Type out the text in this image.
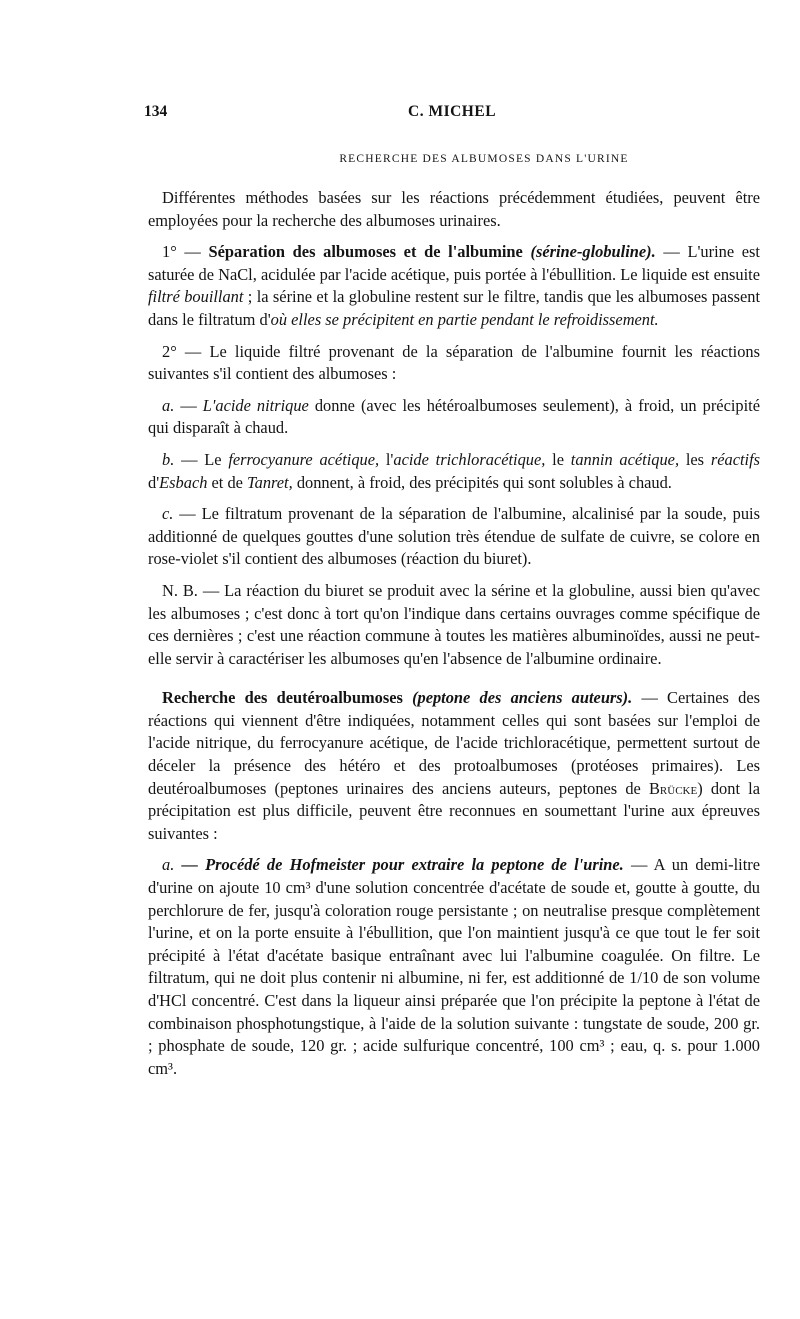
134	C. MICHEL
RECHERCHE DES ALBUMOSES DANS L'URINE

Différentes méthodes basées sur les réactions précédemment étudiées, peuvent être employées pour la recherche des albumoses urinaires.

1° — Séparation des albumoses et de l'albumine (sérine-globuline). — L'urine est saturée de NaCl, acidulée par l'acide acétique, puis portée à l'ébullition. Le liquide est ensuite filtré bouillant ; la sérine et la globuline restent sur le filtre, tandis que les albumoses passent dans le filtratum d'où elles se précipitent en partie pendant le refroidissement.

2° — Le liquide filtré provenant de la séparation de l'albumine fournit les réactions suivantes s'il contient des albumoses :

a. — L'acide nitrique donne (avec les hétéroalbumoses seulement), à froid, un précipité qui disparaît à chaud.

b. — Le ferrocyanure acétique, l'acide trichloracétique, le tannin acétique, les réactifs d'Esbach et de Tanret, donnent, à froid, des précipités qui sont solubles à chaud.

c. — Le filtratum provenant de la séparation de l'albumine, alcalinisé par la soude, puis additionné de quelques gouttes d'une solution très étendue de sulfate de cuivre, se colore en rose-violet s'il contient des albumoses (réaction du biuret).

N. B. — La réaction du biuret se produit avec la sérine et la globuline, aussi bien qu'avec les albumoses ; c'est donc à tort qu'on l'indique dans certains ouvrages comme spécifique de ces dernières ; c'est une réaction commune à toutes les matières albuminoïdes, aussi ne peut-elle servir à caractériser les albumoses qu'en l'absence de l'albumine ordinaire.

Recherche des deutéroalbumoses (peptone des anciens auteurs). — Certaines des réactions qui viennent d'être indiquées, notamment celles qui sont basées sur l'emploi de l'acide nitrique, du ferrocyanure acétique, de l'acide trichloracétique, permettent surtout de déceler la présence des hétéro et des protoalbumoses (protéoses primaires). Les deutéroalbumoses (peptones urinaires des anciens auteurs, peptones de Brücke) dont la précipitation est plus difficile, peuvent être reconnues en soumettant l'urine aux épreuves suivantes :

a. — Procédé de Hofmeister pour extraire la peptone de l'urine. — A un demi-litre d'urine on ajoute 10 cm³ d'une solution concentrée d'acétate de soude et, goutte à goutte, du perchlorure de fer, jusqu'à coloration rouge persistante ; on neutralise presque complètement l'urine, et on la porte ensuite à l'ébullition, que l'on maintient jusqu'à ce que tout le fer soit précipité à l'état d'acétate basique entraînant avec lui l'albumine coagulée. On filtre. Le filtratum, qui ne doit plus contenir ni albumine, ni fer, est additionné de 1/10 de son volume d'HCl concentré. C'est dans la liqueur ainsi préparée que l'on précipite la peptone à l'état de combinaison phosphotungstique, à l'aide de la solution suivante : tungstate de soude, 200 gr. ; phosphate de soude, 120 gr. ; acide sulfurique concentré, 100 cm³ ; eau, q. s. pour 1.000 cm³.
